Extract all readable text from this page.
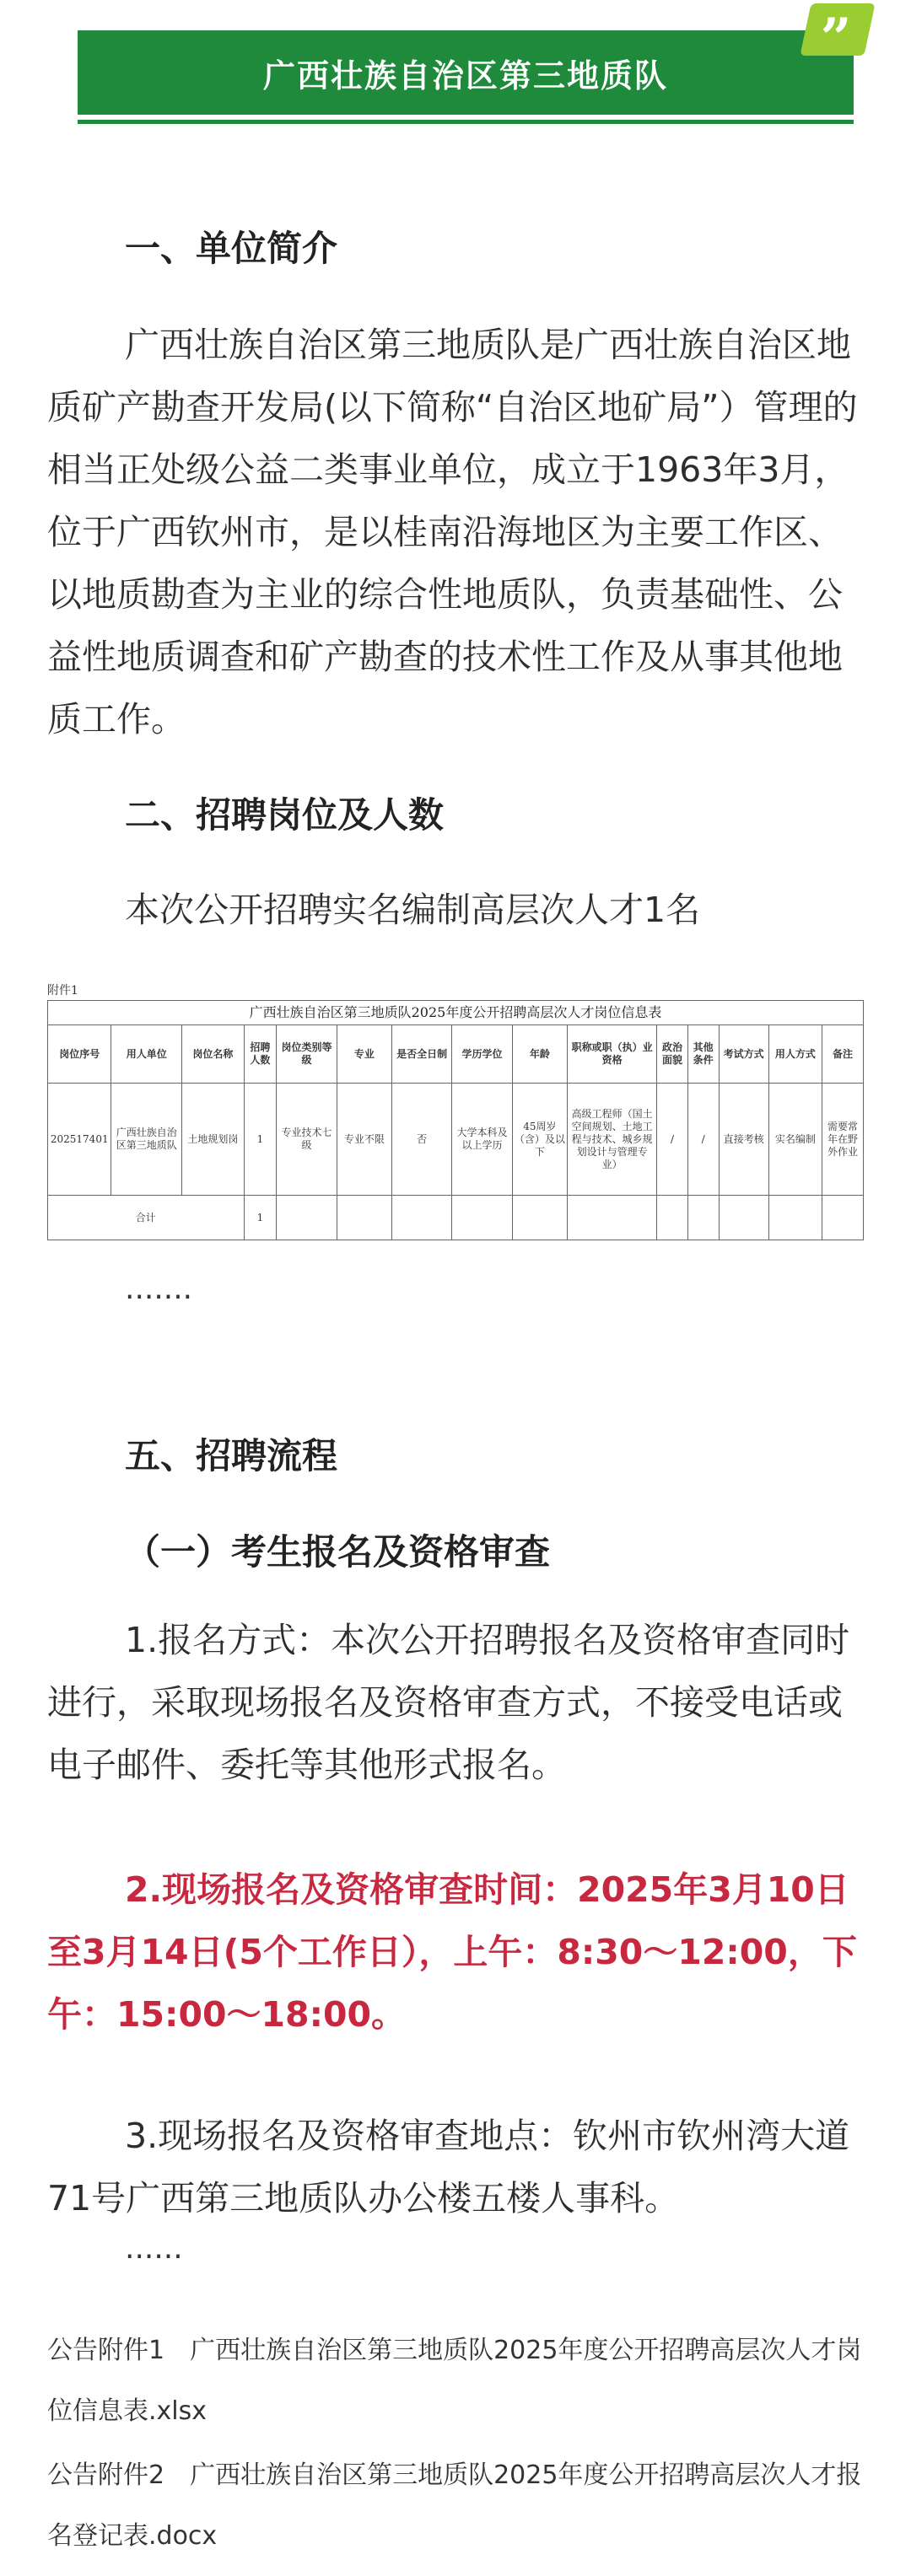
广西壮族自治区第三地质队
”
一、单位简介
广西壮族自治区第三地质队是广西壮族自治区地质矿产勘查开发局(以下简称“自治区地矿局”）管理的相当正处级公益二类事业单位，成立于1963年3月，位于广西钦州市，是以桂南沿海地区为主要工作区、以地质勘查为主业的综合性地质队，负责基础性、公益性地质调查和矿产勘查的技术性工作及从事其他地质工作。
二、招聘岗位及人数
本次公开招聘实名编制高层次人才1名
附件1
广西壮族自治区第三地质队2025年度公开招聘高层次人才岗位信息表
岗位序号	用人单位	岗位名称	招聘人数	岗位类别等级	专业	是否全日制	学历学位	年龄	职称或职（执）业资格	政治面貌	其他条件	考试方式	用人方式	备注
202517401	广西壮族自治区第三地质队	土地规划岗	1	专业技术七级	专业不限	否	大学本科及以上学历	45周岁（含）及以下	高级工程师（国土空间规划、土地工程与技术、城乡规划设计与管理专业）	/	/	直接考核	实名编制	需要常年在野外作业
合计			1											
.......
五、招聘流程
（一）考生报名及资格审查
1.报名方式：本次公开招聘报名及资格审查同时进行，采取现场报名及资格审查方式，不接受电话或电子邮件、委托等其他形式报名。
2.现场报名及资格审查时间：2025年3月10日至3月14日(5个工作日），上午：8:30～12:00，下午：15:00～18:00。
3.现场报名及资格审查地点：钦州市钦州湾大道71号广西第三地质队办公楼五楼人事科。
......
公告附件1　广西壮族自治区第三地质队2025年度公开招聘高层次人才岗位信息表.xlsx
公告附件2　广西壮族自治区第三地质队2025年度公开招聘高层次人才报名登记表.docx
